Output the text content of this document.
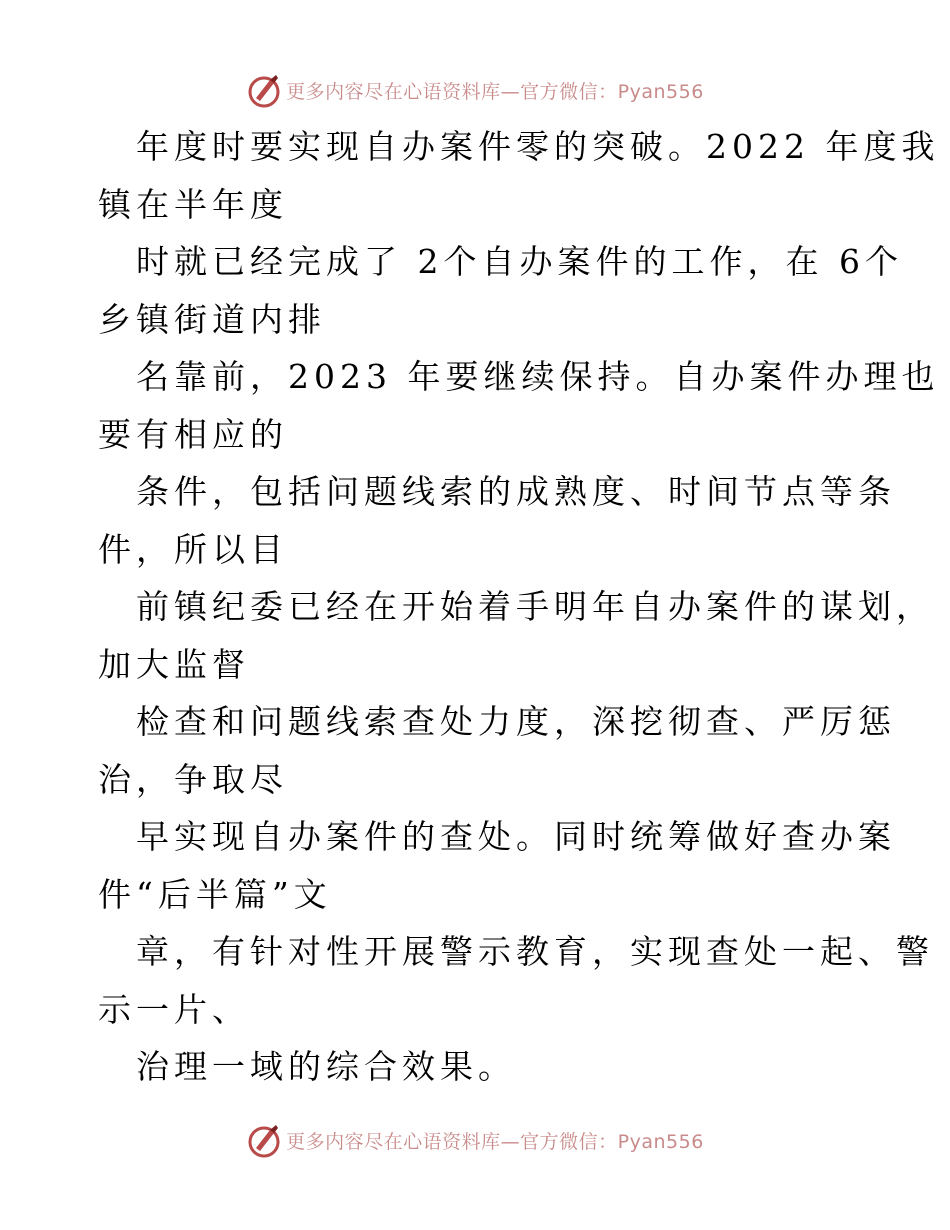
更多内容尽在心语资料库—官方微信：Pyan556
年度时要实现自办案件零的突破。2022 年度我
镇在半年度
时就已经完成了 2个自办案件的工作，在 6个
乡镇街道内排
名靠前，2023 年要继续保持。自办案件办理也
要有相应的
条件，包括问题线索的成熟度、时间节点等条
件，所以目
前镇纪委已经在开始着手明年自办案件的谋划，
加大监督
检查和问题线索查处力度，深挖彻查、严厉惩
治，争取尽
早实现自办案件的查处。同时统筹做好查办案
件“后半篇”文
章，有针对性开展警示教育，实现查处一起、警
示一片、
治理一域的综合效果。
更多内容尽在心语资料库—官方微信：Pyan556
